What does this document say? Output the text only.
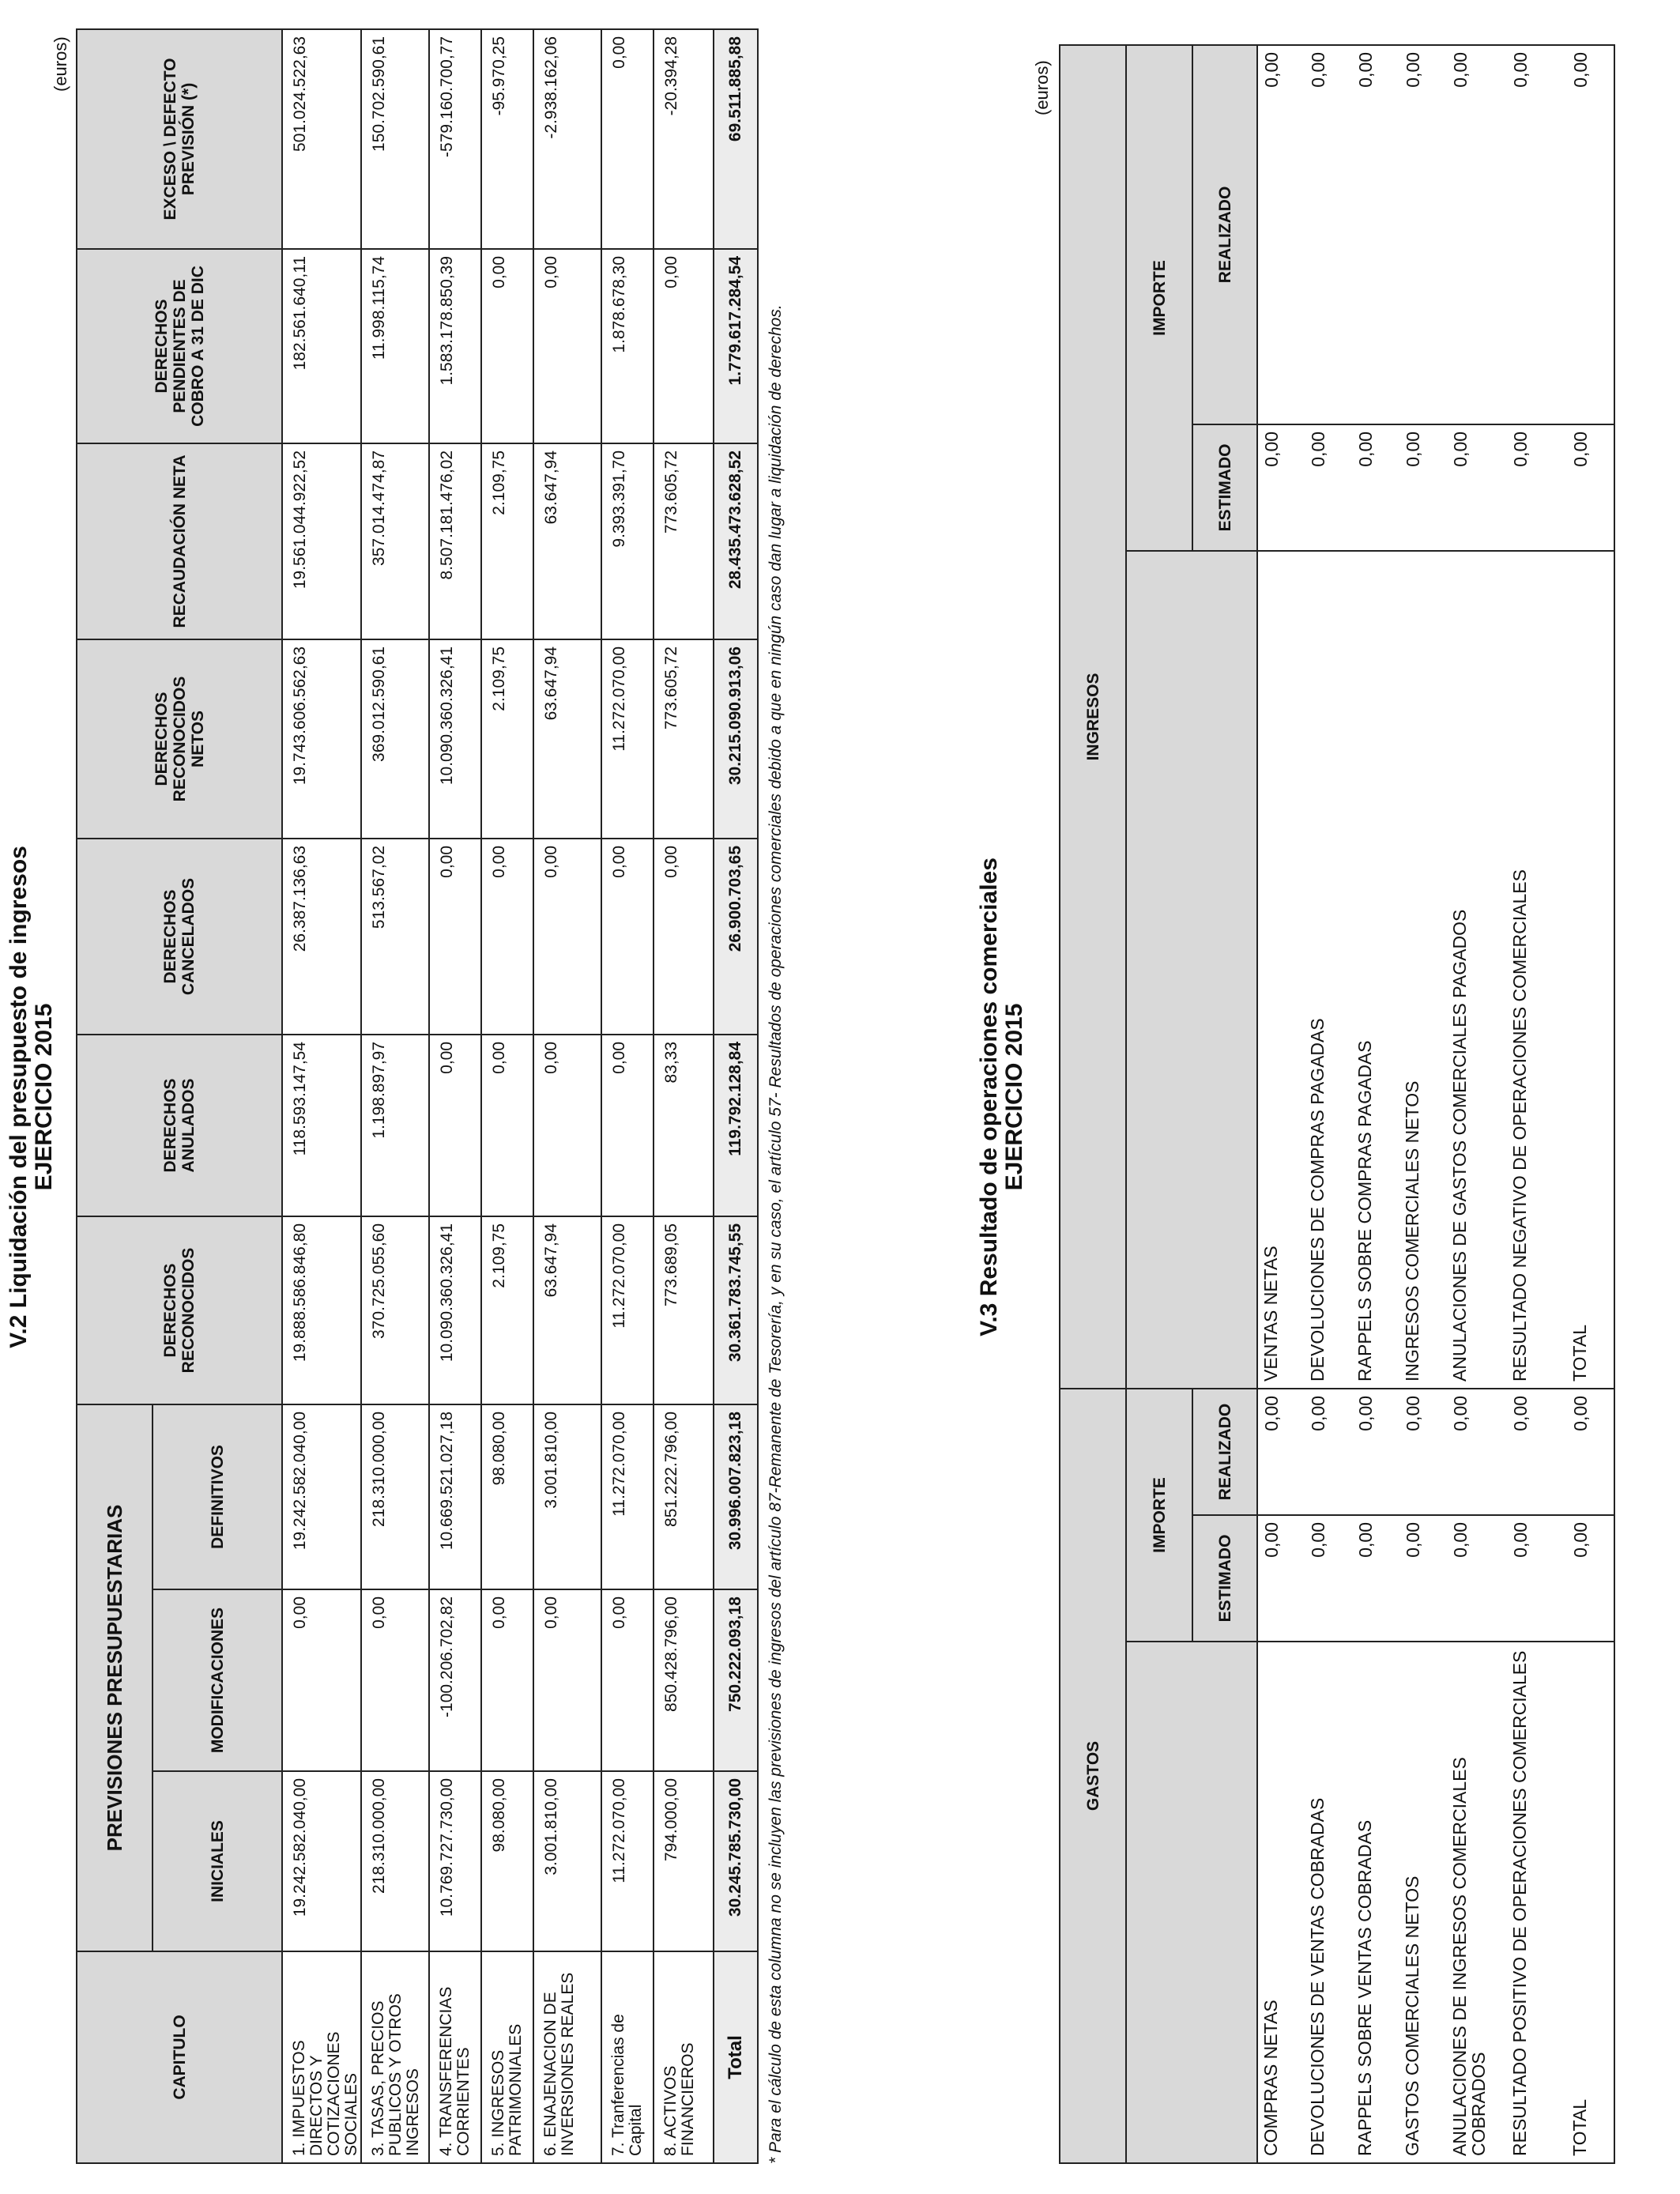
V.2 Liquidación del presupuesto de ingresos EJERCICIO 2015
(euros)
CAPITULO	PREVISIONES PRESUPUESTARIAS			DERECHOS RECONOCIDOS	DERECHOS ANULADOS	DERECHOS CANCELADOS	DERECHOS RECONOCIDOS NETOS	RECAUDACIÓN NETA	DERECHOS PENDIENTES DE COBRO A 31 DE DIC	EXCESO \ DEFECTO PREVISIÓN (*)
	INICIALES	MODIFICACIONES	DEFINITIVOS							
1. IMPUESTOS DIRECTOS Y COTIZACIONES SOCIALES	19.242.582.040,00	0,00	19.242.582.040,00	19.888.586.846,80	118.593.147,54	26.387.136,63	19.743.606.562,63	19.561.044.922,52	182.561.640,11	501.024.522,63
3. TASAS, PRECIOS PUBLICOS Y OTROS INGRESOS	218.310.000,00	0,00	218.310.000,00	370.725.055,60	1.198.897,97	513.567,02	369.012.590,61	357.014.474,87	11.998.115,74	150.702.590,61
4. TRANSFERENCIAS CORRIENTES	10.769.727.730,00	-100.206.702,82	10.669.521.027,18	10.090.360.326,41	0,00	0,00	10.090.360.326,41	8.507.181.476,02	1.583.178.850,39	-579.160.700,77
5. INGRESOS PATRIMONIALES	98.080,00	0,00	98.080,00	2.109,75	0,00	0,00	2.109,75	2.109,75	0,00	-95.970,25
6. ENAJENACION DE INVERSIONES REALES	3.001.810,00	0,00	3.001.810,00	63.647,94	0,00	0,00	63.647,94	63.647,94	0,00	-2.938.162,06
7. Tranferencias de Capital	11.272.070,00	0,00	11.272.070,00	11.272.070,00	0,00	0,00	11.272.070,00	9.393.391,70	1.878.678,30	0,00
8. ACTIVOS FINANCIEROS	794.000,00	850.428.796,00	851.222.796,00	773.689,05	83,33	0,00	773.605,72	773.605,72	0,00	-20.394,28
Total	30.245.785.730,00	750.222.093,18	30.996.007.823,18	30.361.783.745,55	119.792.128,84	26.900.703,65	30.215.090.913,06	28.435.473.628,52	1.779.617.284,54	69.511.885,88
* Para el cálculo de esta columna no se incluyen las previsiones de ingresos del artículo 87-Remanente de Tesorería, y en su caso, el artículo 57- Resultados de operaciones comerciales debido a que en ningún caso dan lugar a liquidación de derechos.	V.3 Resultado de operaciones comerciales EJERCICIO 2015
(euros)
GASTOS			INGRESOS		
	IMPORTE			IMPORTE	
	ESTIMADO	REALIZADO		ESTIMADO	REALIZADO
COMPRAS NETAS	0,00	0,00	VENTAS NETAS	0,00	0,00
DEVOLUCIONES DE VENTAS COBRADAS	0,00	0,00	DEVOLUCIONES DE COMPRAS PAGADAS	0,00	0,00
RAPPELS SOBRE VENTAS COBRADAS	0,00	0,00	RAPPELS SOBRE COMPRAS PAGADAS	0,00	0,00
GASTOS COMERCIALES NETOS	0,00	0,00	INGRESOS COMERCIALES NETOS	0,00	0,00
ANULACIONES DE INGRESOS COMERCIALES COBRADOS	0,00	0,00	ANULACIONES DE GASTOS COMERCIALES PAGADOS	0,00	0,00
RESULTADO POSITIVO DE OPERACIONES COMERCIALES	0,00	0,00	RESULTADO NEGATIVO DE OPERACIONES COMERCIALES	0,00	0,00
TOTAL	0,00	0,00	TOTAL	0,00	0,00
